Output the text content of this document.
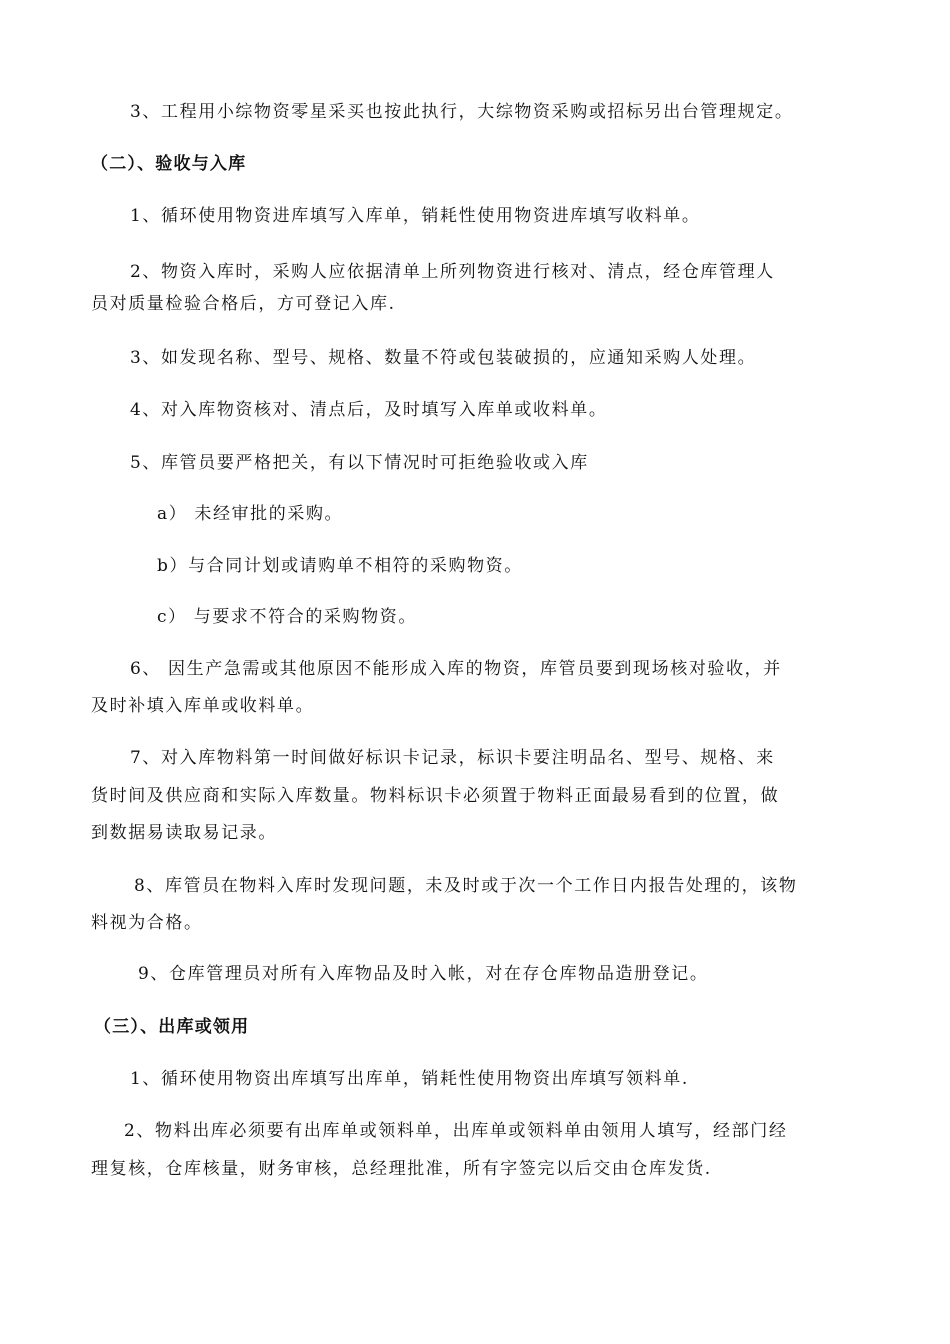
3、工程用小综物资零星采买也按此执行，大综物资采购或招标另出台管理规定。
（二）、验收与入库
1、循环使用物资进库填写入库单，销耗性使用物资进库填写收料单。
2、物资入库时，采购人应依据清单上所列物资进行核对、清点，经仓库管理人
员对质量检验合格后，方可登记入库.
3、如发现名称、型号、规格、数量不符或包装破损的，应通知采购人处理。
4、对入库物资核对、清点后，及时填写入库单或收料单。
5、库管员要严格把关，有以下情况时可拒绝验收或入库
a） 未经审批的采购。
b）与合同计划或请购单不相符的采购物资。
c） 与要求不符合的采购物资。
6、 因生产急需或其他原因不能形成入库的物资，库管员要到现场核对验收，并
及时补填入库单或收料单。
7、对入库物料第一时间做好标识卡记录，标识卡要注明品名、型号、规格、来
货时间及供应商和实际入库数量。物料标识卡必须置于物料正面最易看到的位置，做
到数据易读取易记录。
8、库管员在物料入库时发现问题，未及时或于次一个工作日内报告处理的，该物
料视为合格。
9、仓库管理员对所有入库物品及时入帐，对在存仓库物品造册登记。
（三）、出库或领用
1、循环使用物资出库填写出库单，销耗性使用物资出库填写领料单.
2、物料出库必须要有出库单或领料单，出库单或领料单由领用人填写，经部门经
理复核，仓库核量，财务审核，总经理批准，所有字签完以后交由仓库发货.
